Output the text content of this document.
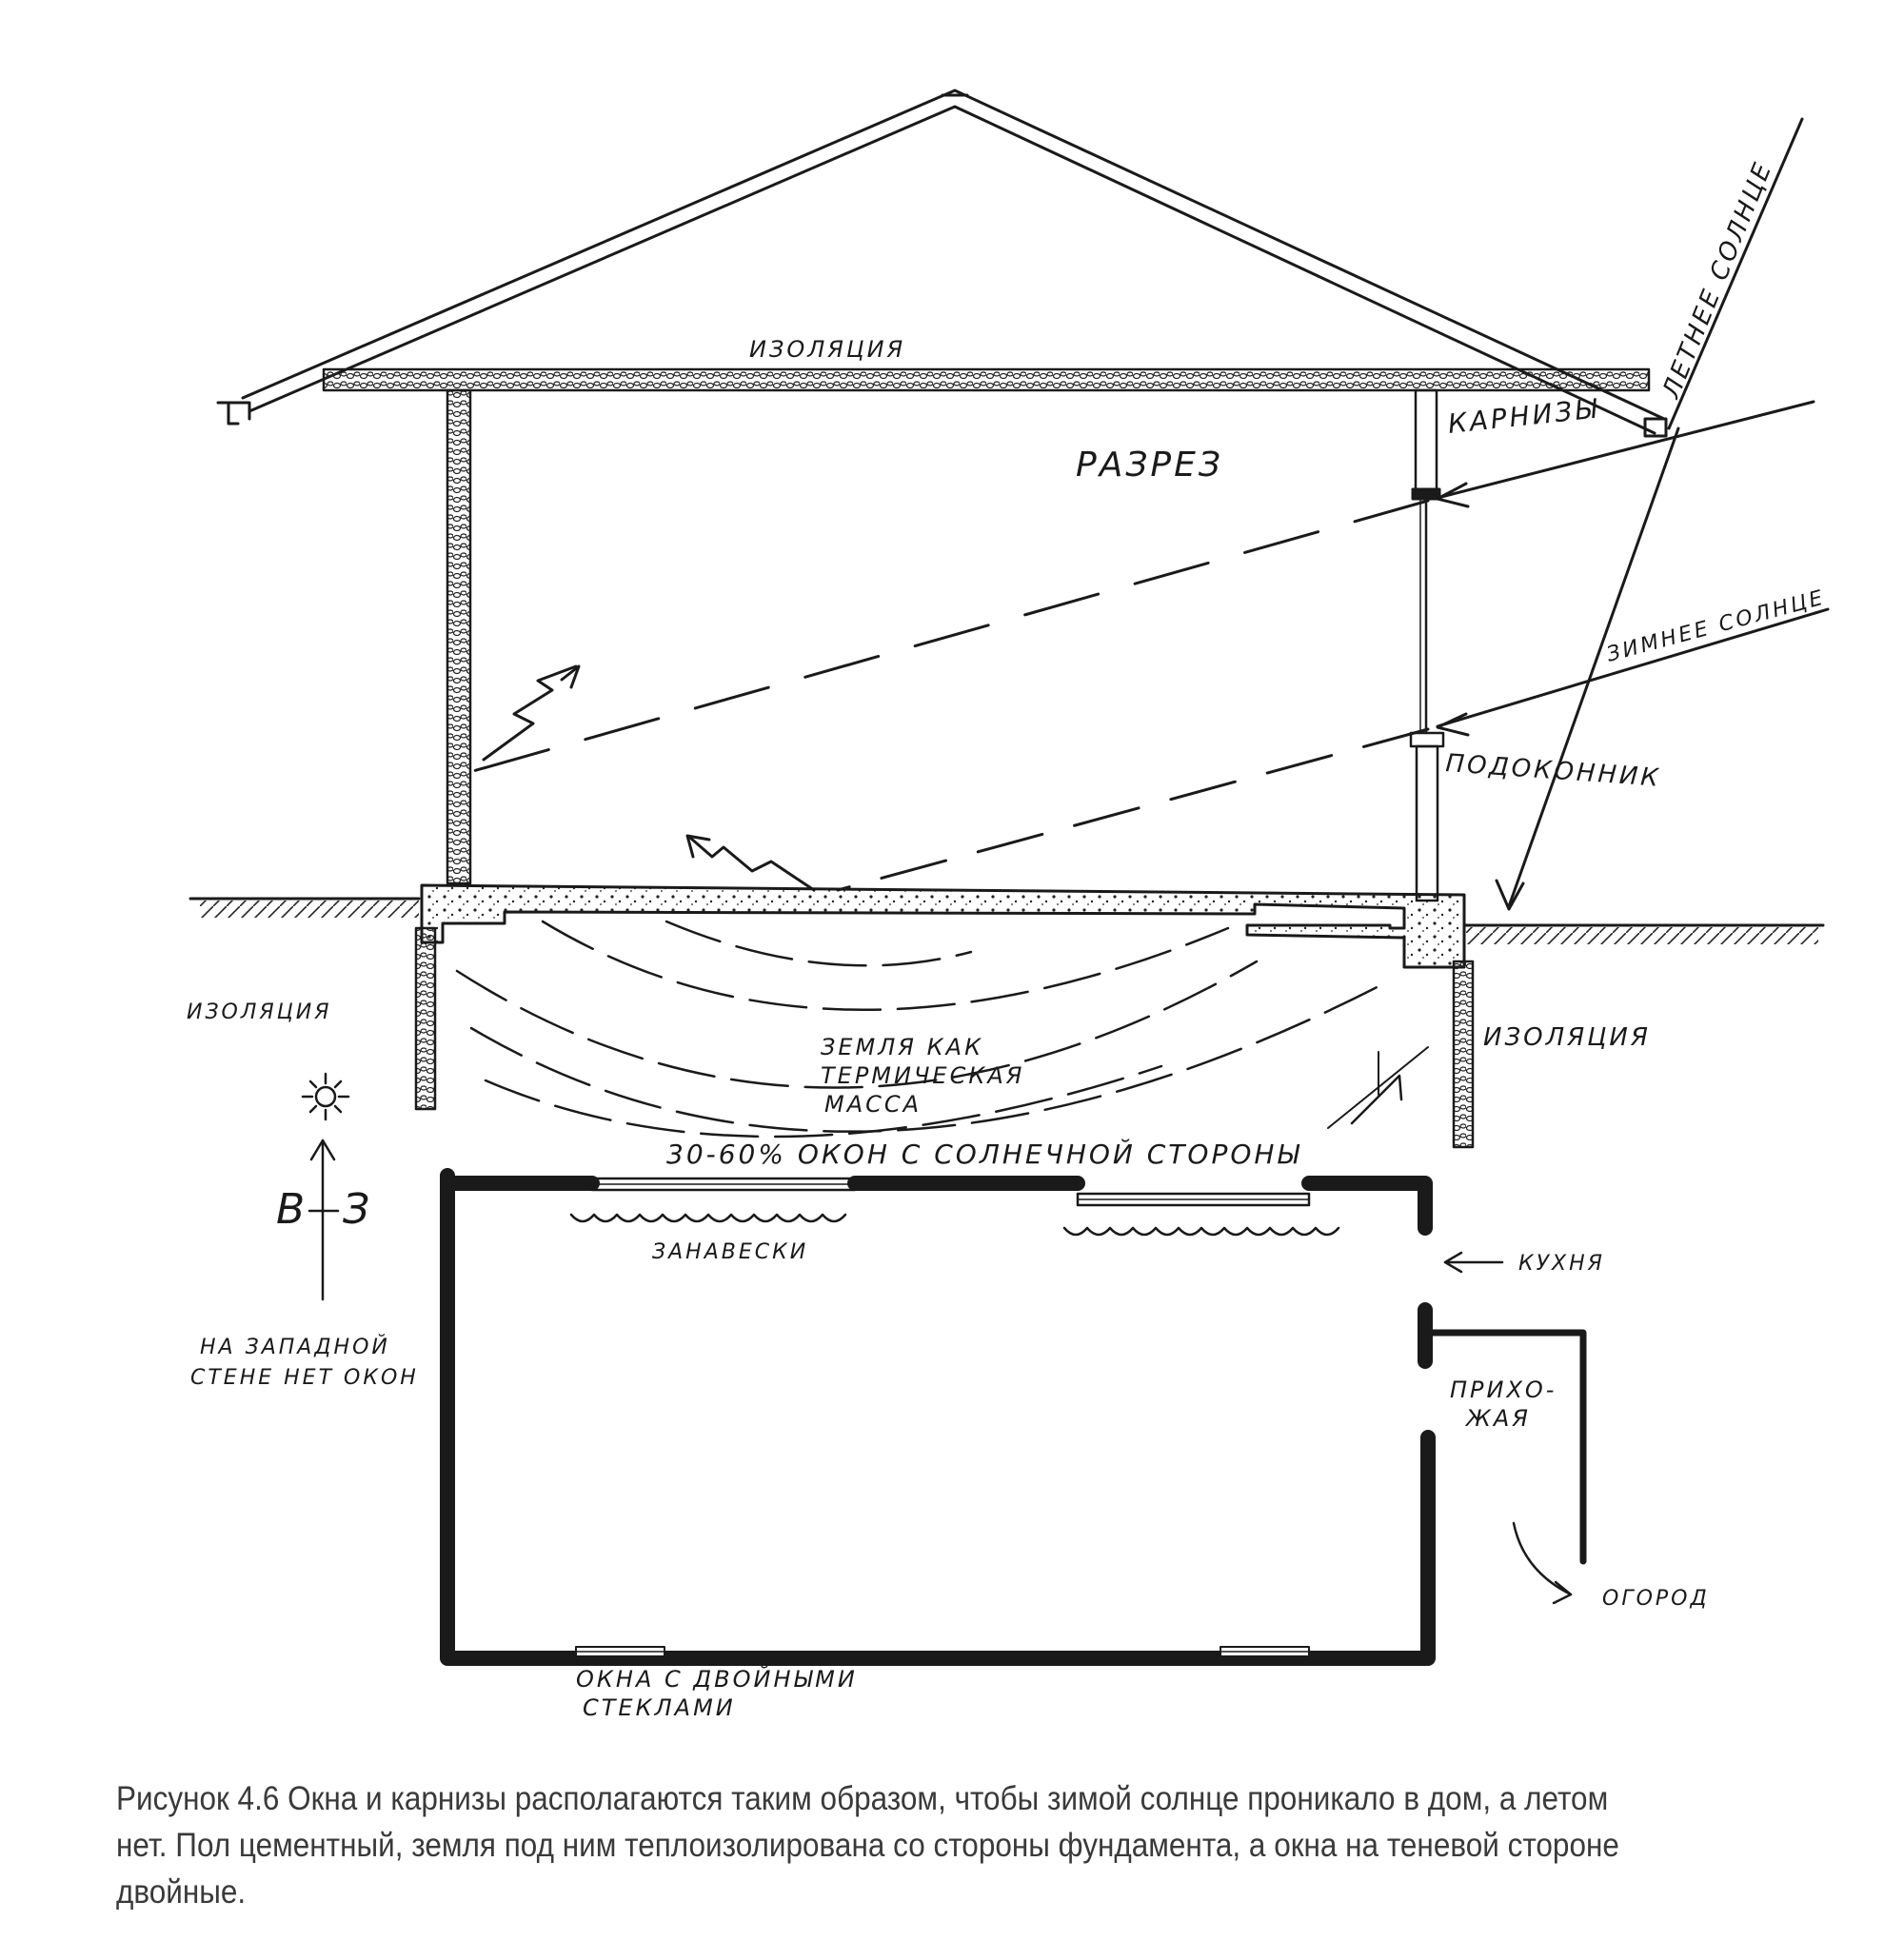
ИЗОЛЯЦИЯ
КАРНИЗЫ
РАЗРЕЗ
ЛЕТНЕЕ СОЛНЦЕ
ЗИМНЕЕ СОЛНЦЕ
ПОДОКОННИК
ИЗОЛЯЦИЯ
ИЗОЛЯЦИЯ
ЗЕМЛЯ КАК
ТЕРМИЧЕСКАЯ
МАССА
30-60% ОКОН С СОЛНЕЧНОЙ СТОРОНЫ
ЗАНАВЕСКИ	КУХНЯ
ПРИХО-
ЖАЯ
ОГОРОД
НА ЗАПАДНОЙ
СТЕНЕ НЕТ ОКОН
ОКНА С ДВОЙНЫМИ
СТЕКЛАМИ
В З
Рисунок 4.6 Окна и карнизы располагаются таким образом, чтобы зимой солнце проникало в дом, а летом нет. Пол цементный, земля под ним теплоизолирована со стороны фундамента, а окна на теневой стороне двойные.
